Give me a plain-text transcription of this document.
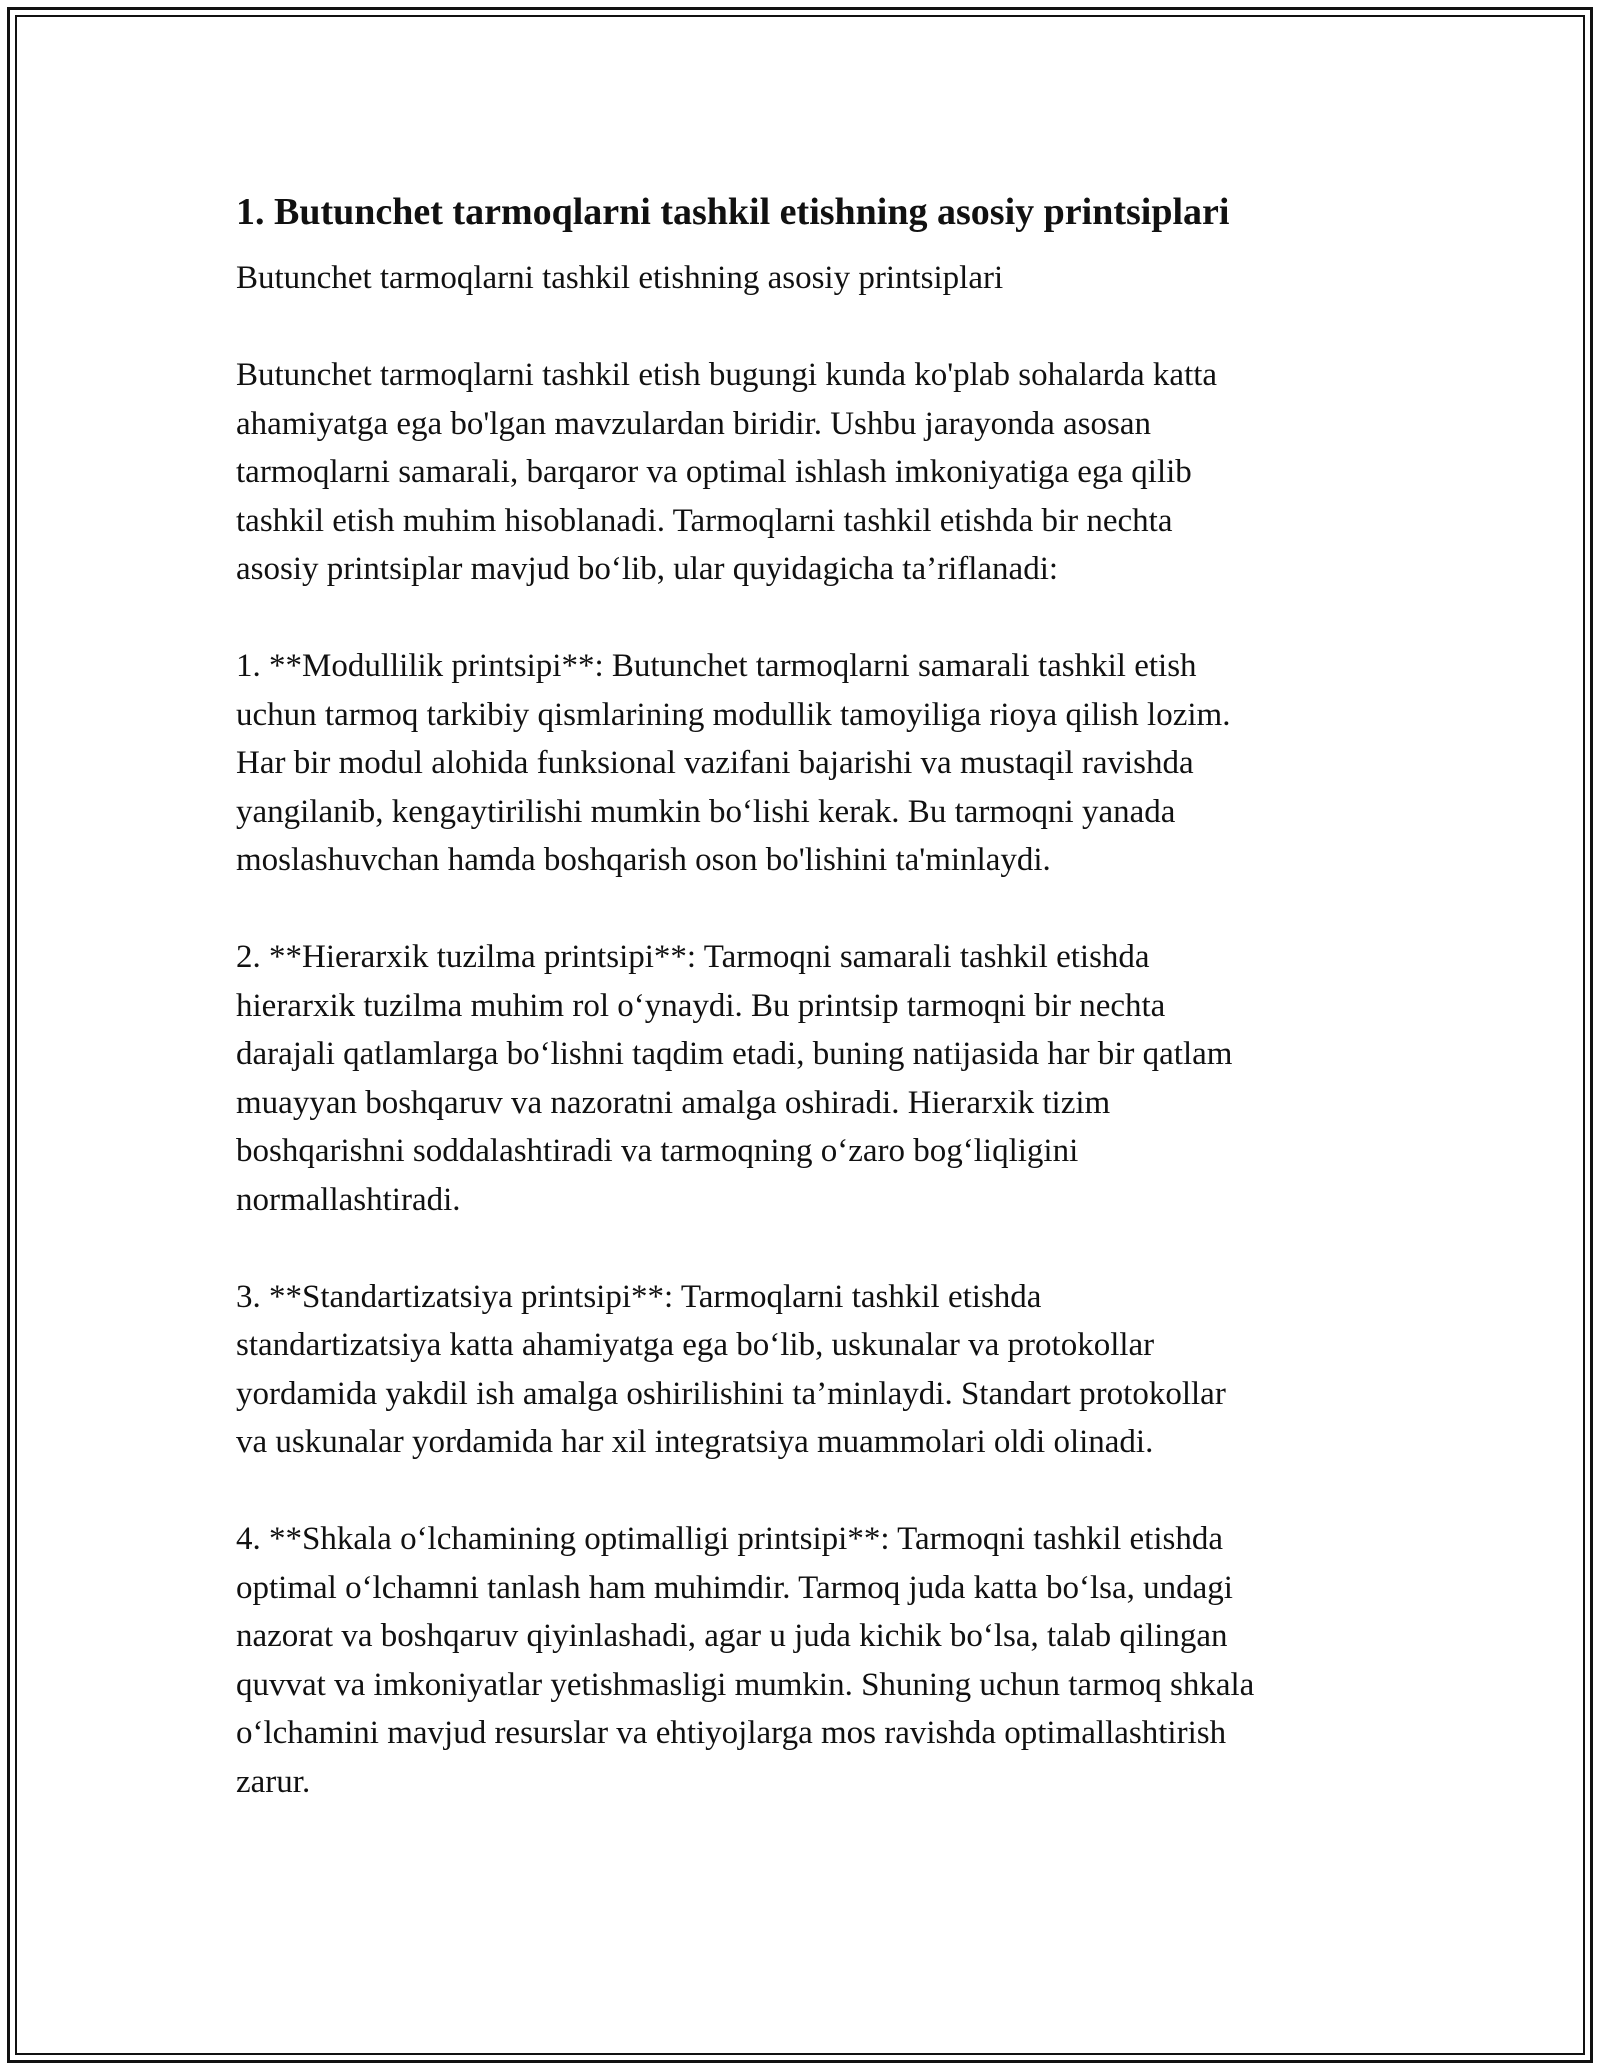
1. Butunchet tarmoqlarni tashkil etishning asosiy printsiplari

Butunchet tarmoqlarni tashkil etishning asosiy printsiplari

Butunchet tarmoqlarni tashkil etish bugungi kunda ko'plab sohalarda katta
ahamiyatga ega bo'lgan mavzulardan biridir. Ushbu jarayonda asosan
tarmoqlarni samarali, barqaror va optimal ishlash imkoniyatiga ega qilib
tashkil etish muhim hisoblanadi. Tarmoqlarni tashkil etishda bir nechta
asosiy printsiplar mavjud bo‘lib, ular quyidagicha ta’riflanadi:

1. **Modullilik printsipi**: Butunchet tarmoqlarni samarali tashkil etish
uchun tarmoq tarkibiy qismlarining modullik tamoyiliga rioya qilish lozim.
Har bir modul alohida funksional vazifani bajarishi va mustaqil ravishda
yangilanib, kengaytirilishi mumkin bo‘lishi kerak. Bu tarmoqni yanada
moslashuvchan hamda boshqarish oson bo'lishini ta'minlaydi.

2. **Hierarxik tuzilma printsipi**: Tarmoqni samarali tashkil etishda
hierarxik tuzilma muhim rol o‘ynaydi. Bu printsip tarmoqni bir nechta
darajali qatlamlarga bo‘lishni taqdim etadi, buning natijasida har bir qatlam
muayyan boshqaruv va nazoratni amalga oshiradi. Hierarxik tizim
boshqarishni soddalashtiradi va tarmoqning o‘zaro bog‘liqligini
normallashtiradi.

3. **Standartizatsiya printsipi**: Tarmoqlarni tashkil etishda
standartizatsiya katta ahamiyatga ega bo‘lib, uskunalar va protokollar
yordamida yakdil ish amalga oshirilishini ta’minlaydi. Standart protokollar
va uskunalar yordamida har xil integratsiya muammolari oldi olinadi.

4. **Shkala o‘lchamining optimalligi printsipi**: Tarmoqni tashkil etishda
optimal o‘lchamni tanlash ham muhimdir. Tarmoq juda katta bo‘lsa, undagi
nazorat va boshqaruv qiyinlashadi, agar u juda kichik bo‘lsa, talab qilingan
quvvat va imkoniyatlar yetishmasligi mumkin. Shuning uchun tarmoq shkala
o‘lchamini mavjud resurslar va ehtiyojlarga mos ravishda optimallashtirish
zarur.
